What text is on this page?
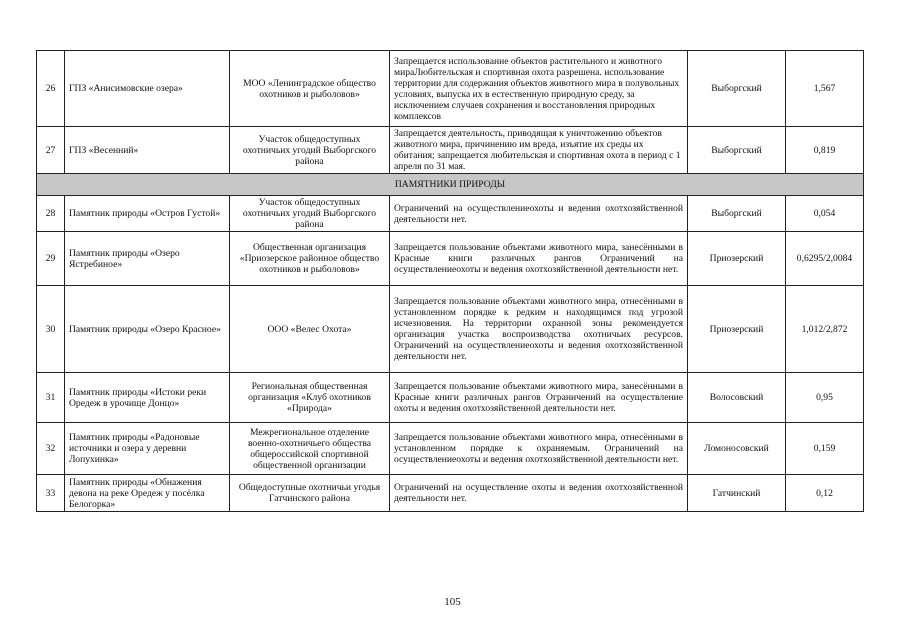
26	ГПЗ «Анисимовские озера»	МОО «Ленинградское общество охотников и рыболовов»	Запрещается использование объектов растительного и животного мираЛюбительская и спортивная охота разрешена. использование территории для содержания объектов животного мира в полувольных условиях, выпуска их в естественную природную среду, за исключением случаев сохранения и восстановления природных комплексов	Выборгский	1,567
27	ГПЗ «Весенний»	Участок общедоступных охотничьих угодий Выборгского района	Запрещается деятельность, приводящая к уничтожению объектов животного мира, причинению им вреда, изъятие их среды их обитания; запрещается любительская и спортивная охота в период с 1 апреля по 31 мая.	Выборгский	0,819
ПАМЯТНИКИ ПРИРОДЫ					
28	Памятник природы «Остров Густой»	Участок общедоступных охотничьих угодий Выборгского района	Ограничений на осуществлениеохоты и ведения охотхозяйственной деятельности нет.	Выборгский	0,054
29	Памятник природы «Озеро Ястребиное»	Общественная организация «Приозерское районное общество охотников и рыболовов»	Запрещается пользование объектами животного мира, занесёнными в Красные книги различных рангов Ограничений на осуществлениеохоты и ведения охотхозяйственной деятельности нет.	Приозерский	0,6295/2,0084
30	Памятник природы «Озеро Красное»	ООО «Велес Охота»	Запрещается пользование объектами животного мира, отнесёнными в установленном порядке к редким и находящимся под угрозой исчезновения. На территории охранной зоны рекомендуется организация участка воспроизводства охотничьих ресурсов. Ограничений на осуществлениеохоты и ведения охотхозяйственной деятельности нет.	Приозерский	1,012/2,872
31	Памятник природы «Истоки реки Оредеж в урочище Донцо»	Региональная общественная организация «Клуб охотников «Природа»	Запрещается пользование объектами животного мира, занесёнными в Красные книги различных рангов Ограничений на осуществление охоты и ведения охотхозяйственной деятельности нет.	Волосовский	0,95
32	Памятник природы «Радоновые источники и озера у деревни Лопухинка»	Межрегиональное отделение военно-охотничьего общества общероссийской спортивной общественной организации	Запрещается пользование объектами животного мира, отнесёнными в установленном порядке к охраняемым. Ограничений на осуществлениеохоты и ведения охотхозяйственной деятельности нет.	Ломоносовский	0,159
33	Памятник природы «Обнажения девона на реке Оредеж у посёлка Белогорка»	Общедоступные охотничьи угодья Гатчинского района	Ограничений на осуществление охоты и ведения охотхозяйственной деятельности нет.	Гатчинский	0,12
105
